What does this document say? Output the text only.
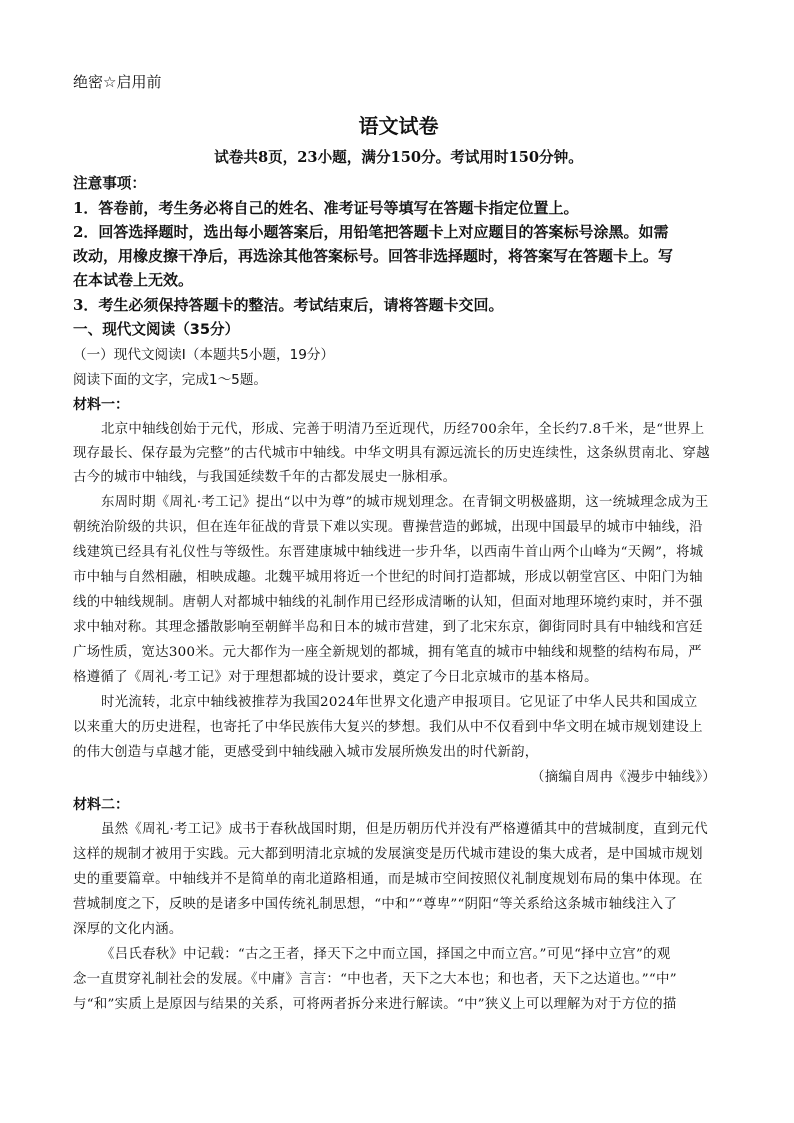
绝密☆启用前
语文试卷
试卷共8页，23小题，满分150分。考试用时150分钟。
注意事项：
1．答卷前，考生务必将自己的姓名、准考证号等填写在答题卡指定位置上。
2．回答选择题时，选出每小题答案后，用铅笔把答题卡上对应题目的答案标号涂黑。如需
改动，用橡皮擦干净后，再选涂其他答案标号。回答非选择题时，将答案写在答题卡上。写
在本试卷上无效。
3．考生必须保持答题卡的整洁。考试结束后，请将答题卡交回。
一、现代文阅读（35分）
（一）现代文阅读Ⅰ（本题共5小题，19分）
阅读下面的文字，完成1～5题。
材料一：
北京中轴线创始于元代，形成、完善于明清乃至近现代，历经700余年，全长约7.8千米，是“世界上
现存最长、保存最为完整”的古代城市中轴线。中华文明具有源远流长的历史连续性，这条纵贯南北、穿越
古今的城市中轴线，与我国延续数千年的古都发展史一脉相承。
东周时期《周礼·考工记》提出“以中为尊”的城市规划理念。在青铜文明极盛期，这一统城理念成为王
朝统治阶级的共识，但在连年征战的背景下难以实现。曹操营造的邺城，出现中国最早的城市中轴线，沿
线建筑已经具有礼仪性与等级性。东晋建康城中轴线进一步升华，以西南牛首山两个山峰为“天阙”，将城
市中轴与自然相融，相映成趣。北魏平城用将近一个世纪的时间打造都城，形成以朝堂宫区、中阳门为轴
线的中轴线规制。唐朝人对都城中轴线的礼制作用已经形成清晰的认知，但面对地理环境约束时，并不强
求中轴对称。其理念播散影响至朝鲜半岛和日本的城市营建，到了北宋东京，御街同时具有中轴线和宫廷
广场性质，宽达300米。元大都作为一座全新规划的都城，拥有笔直的城市中轴线和规整的结构布局，严
格遵循了《周礼·考工记》对于理想都城的设计要求，奠定了今日北京城市的基本格局。
时光流转，北京中轴线被推荐为我国2024年世界文化遗产申报项目。它见证了中华人民共和国成立
以来重大的历史进程，也寄托了中华民族伟大复兴的梦想。我们从中不仅看到中华文明在城市规划建设上
的伟大创造与卓越才能，更感受到中轴线融入城市发展所焕发出的时代新韵，
（摘编自周冉《漫步中轴线》）
材料二：
虽然《周礼·考工记》成书于春秋战国时期，但是历朝历代并没有严格遵循其中的营城制度，直到元代
这样的规制才被用于实践。元大都到明清北京城的发展演变是历代城市建设的集大成者，是中国城市规划
史的重要篇章。中轴线并不是简单的南北道路相通，而是城市空间按照仪礼制度规划布局的集中体现。在
营城制度之下，反映的是诸多中国传统礼制思想，“中和”“尊卑”“阴阳“等关系给这条城市轴线注入了
深厚的文化内涵。
《吕氏春秋》中记载：“古之王者，择天下之中而立国，择国之中而立宫。”可见“择中立宫”的观
念一直贯穿礼制社会的发展。《中庸》言言：“中也者，天下之大本也；和也者，天下之达道也。”“中”
与“和”实质上是原因与结果的关系，可将两者拆分来进行解读。“中”狭义上可以理解为对于方位的描
